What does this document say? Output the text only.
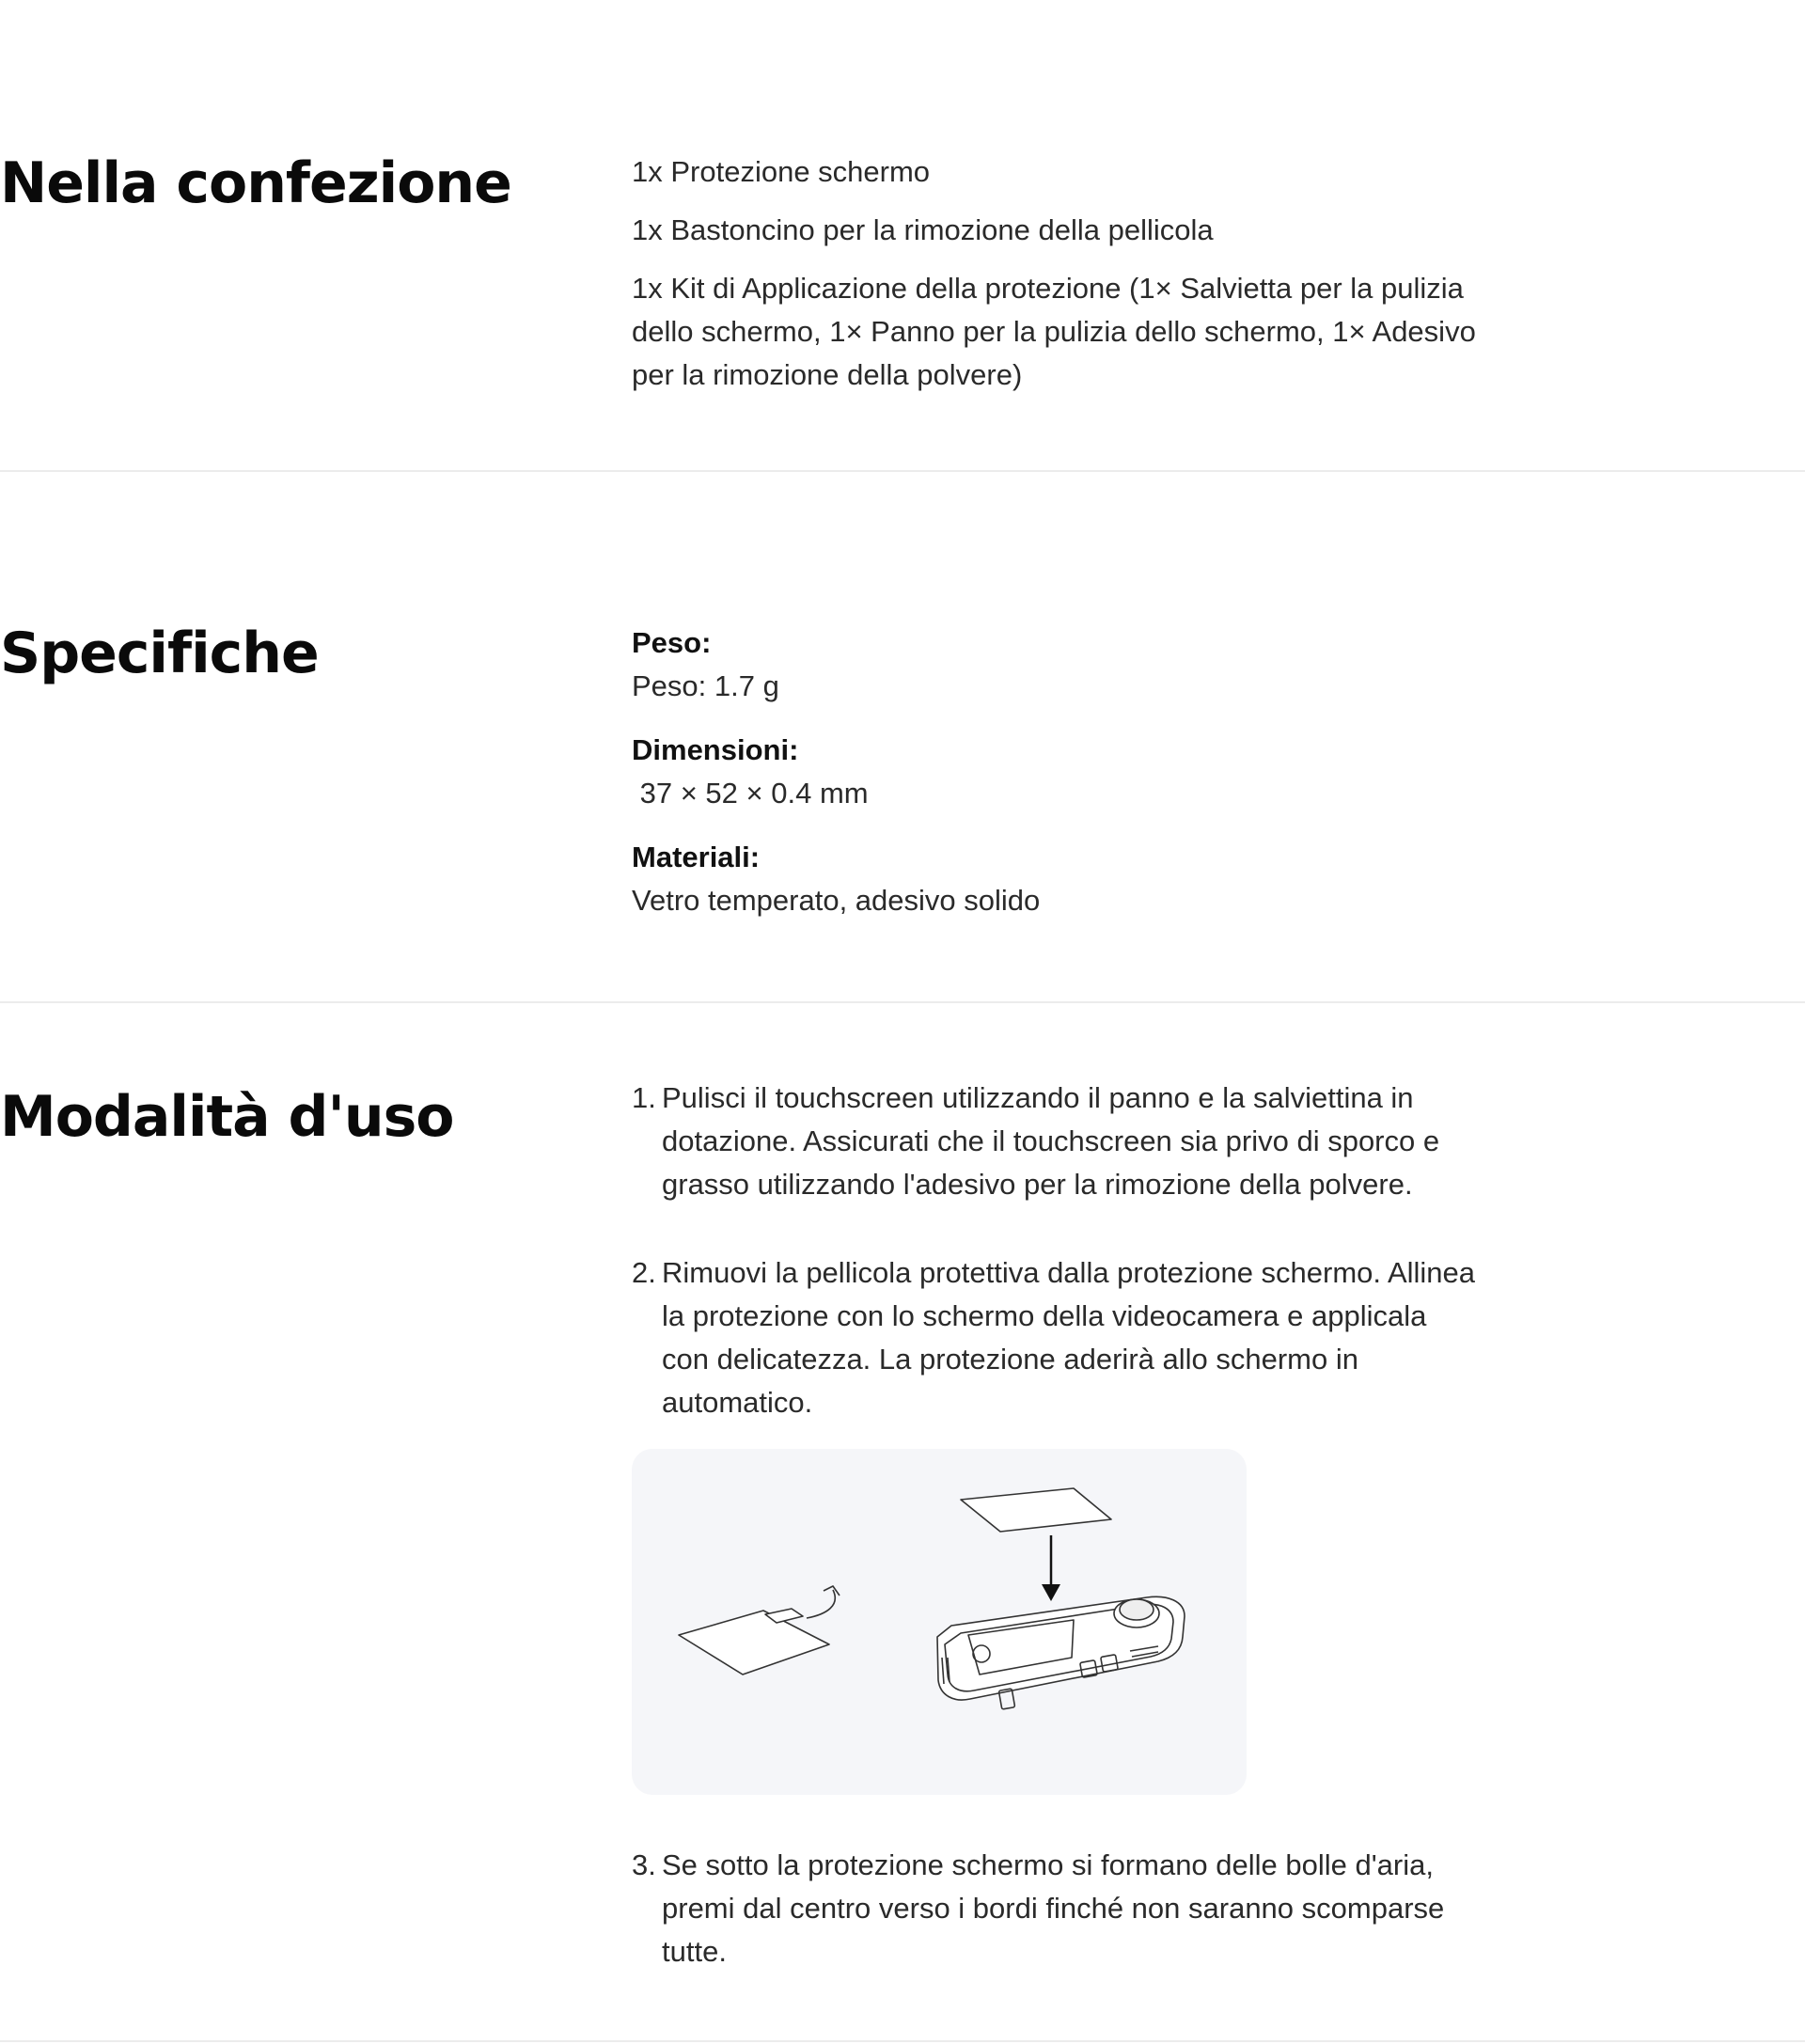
Nella confezione	1x Protezione schermo

1x Bastoncino per la rimozione della pellicola

1x Kit di Applicazione della protezione (1× Salvietta per la pulizia dello schermo, 1× Panno per la pulizia dello schermo, 1× Adesivo per la rimozione della polvere)

Specifiche	Peso:

Peso: 1.7 g

Dimensioni:

37 × 52 × 0.4 mm

Materiali:

Vetro temperato, adesivo solido

Modalità d'uso	1. Pulisci il touchscreen utilizzando il panno e la salviettina in dotazione. Assicurati che il touchscreen sia privo di sporco e grasso utilizzando l'adesivo per la rimozione della polvere.

2. Rimuovi la pellicola protettiva dalla protezione schermo. Allinea la protezione con lo schermo della videocamera e applicala con delicatezza. La protezione aderirà allo schermo in automatico.

3. Se sotto la protezione schermo si formano delle bolle d'aria, premi dal centro verso i bordi finché non saranno scomparse tutte.
